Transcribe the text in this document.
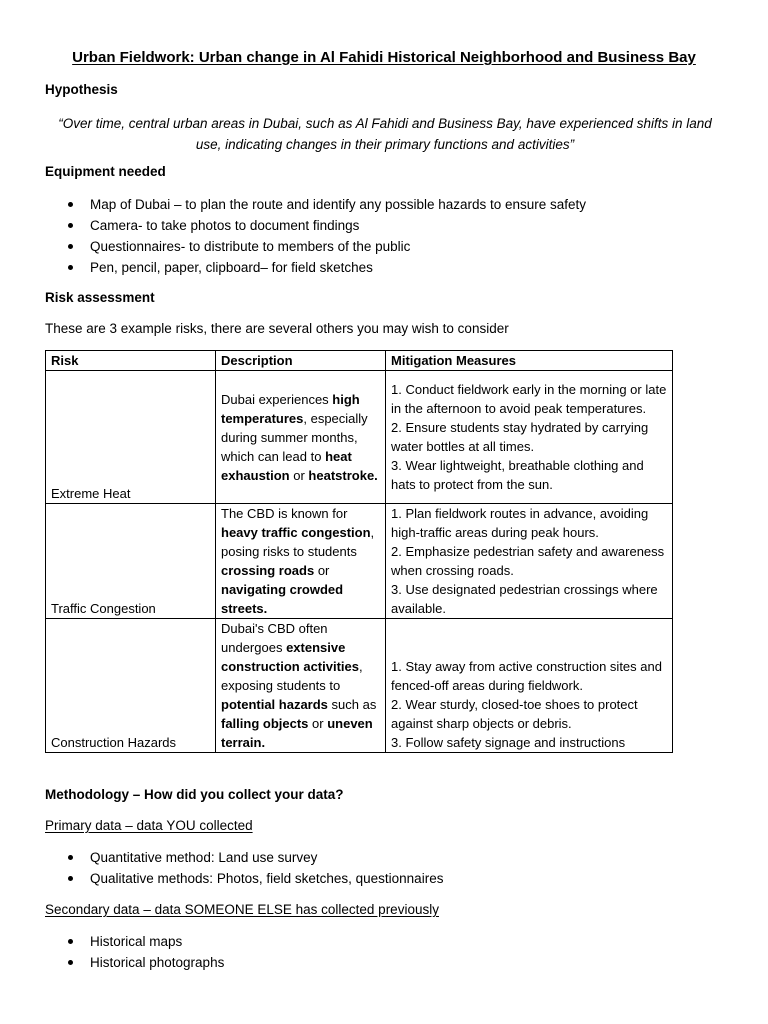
Urban Fieldwork: Urban change in Al Fahidi Historical Neighborhood and Business Bay
Hypothesis
“Over time, central urban areas in Dubai, such as Al Fahidi and Business Bay, have experienced shifts in land use, indicating changes in their primary functions and activities”
Equipment needed
Map of Dubai – to plan the route and identify any possible hazards to ensure safety
Camera- to take photos to document findings
Questionnaires- to distribute to members of the public
Pen, pencil, paper, clipboard– for field sketches
Risk assessment
These are 3 example risks, there are several others you may wish to consider
Risk	Description	Mitigation Measures
Extreme Heat	Dubai experiences high temperatures, especially during summer months, which can lead to heat exhaustion or heatstroke.	1. Conduct fieldwork early in the morning or late in the afternoon to avoid peak temperatures.
2. Ensure students stay hydrated by carrying water bottles at all times.
3. Wear lightweight, breathable clothing and hats to protect from the sun.

Traffic Congestion	The CBD is known for heavy traffic congestion, posing risks to students crossing roads or navigating crowded streets.	1. Plan fieldwork routes in advance, avoiding high-traffic areas during peak hours.
2. Emphasize pedestrian safety and awareness when crossing roads.
3. Use designated pedestrian crossings where available.

Construction Hazards	Dubai's CBD often undergoes extensive construction activities, exposing students to potential hazards such as falling objects or uneven terrain.	1. Stay away from active construction sites and fenced-off areas during fieldwork.
2. Wear sturdy, closed-toe shoes to protect against sharp objects or debris.
3. Follow safety signage and instructions
Methodology – How did you collect your data?
Primary data – data YOU collected
Quantitative method: Land use survey
Qualitative methods: Photos, field sketches, questionnaires
Secondary data – data SOMEONE ELSE has collected previously
Historical maps
Historical photographs
